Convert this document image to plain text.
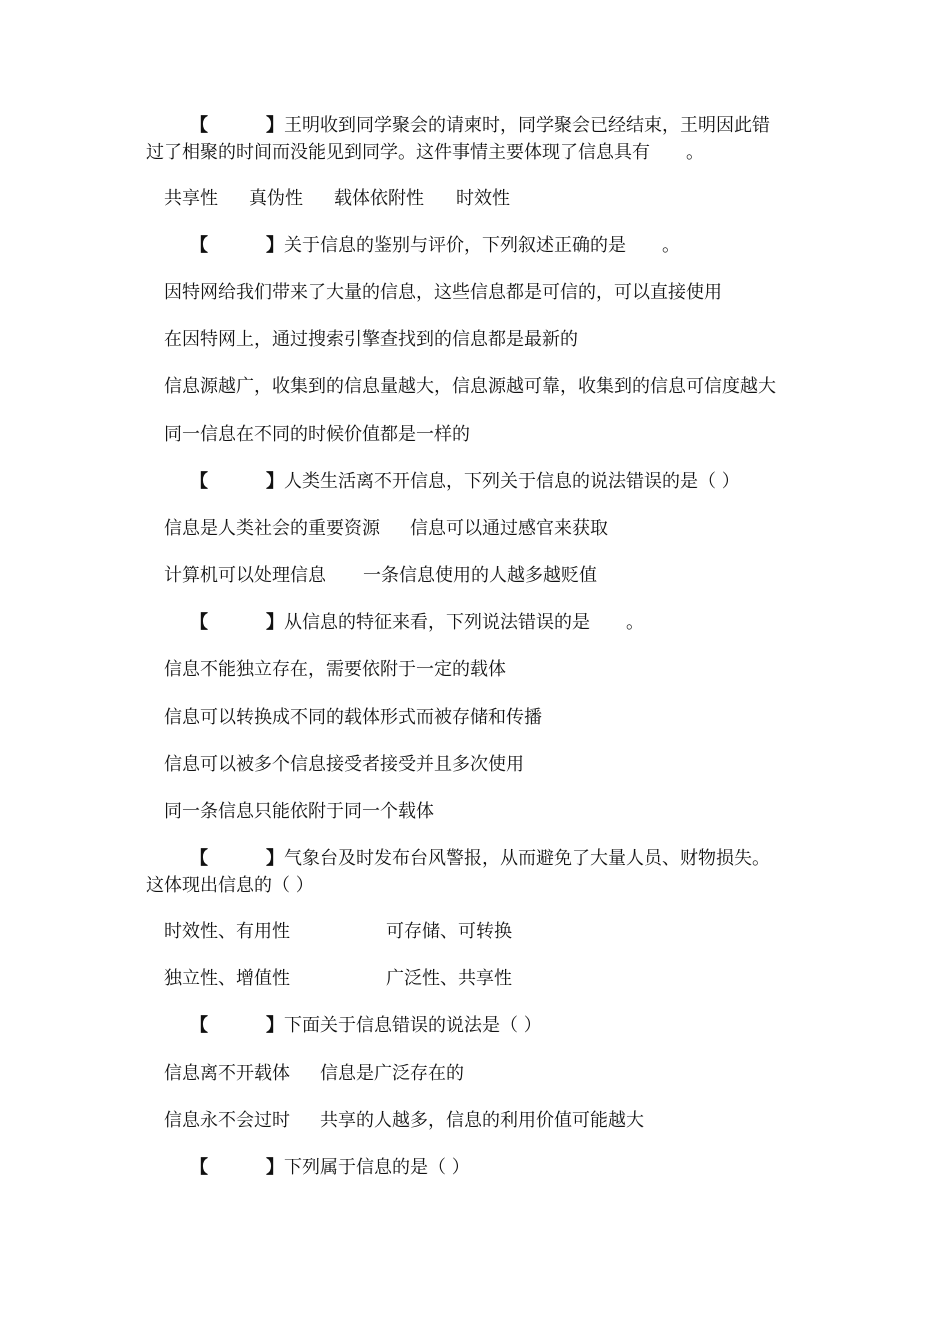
【	】王明收到同学聚会的请柬时，同学聚会已经结束，王明因此错
过了相聚的时间而没能见到同学。这件事情主要体现了信息具有　　。
共享性 真伪性 载体依附性 时效性
【	】关于信息的鉴别与评价，下列叙述正确的是　　。
因特网给我们带来了大量的信息，这些信息都是可信的，可以直接使用
在因特网上，通过搜索引擎查找到的信息都是最新的
信息源越广，收集到的信息量越大，信息源越可靠，收集到的信息可信度越大
同一信息在不同的时候价值都是一样的
【	】人类生活离不开信息，下列关于信息的说法错误的是（ ）
信息是人类社会的重要资源 信息可以通过感官来获取
计算机可以处理信息 一条信息使用的人越多越贬值
【	】从信息的特征来看，下列说法错误的是　　。
信息不能独立存在，需要依附于一定的载体
信息可以转换成不同的载体形式而被存储和传播
信息可以被多个信息接受者接受并且多次使用
同一条信息只能依附于同一个载体
【	】气象台及时发布台风警报，从而避免了大量人员、财物损失。
这体现出信息的（ ）
时效性、有用性	可存储、可转换
独立性、增值性	广泛性、共享性
【	】下面关于信息错误的说法是（ ）
信息离不开载体 信息是广泛存在的
信息永不会过时 共享的人越多，信息的利用价值可能越大
【	】下列属于信息的是（ ）
